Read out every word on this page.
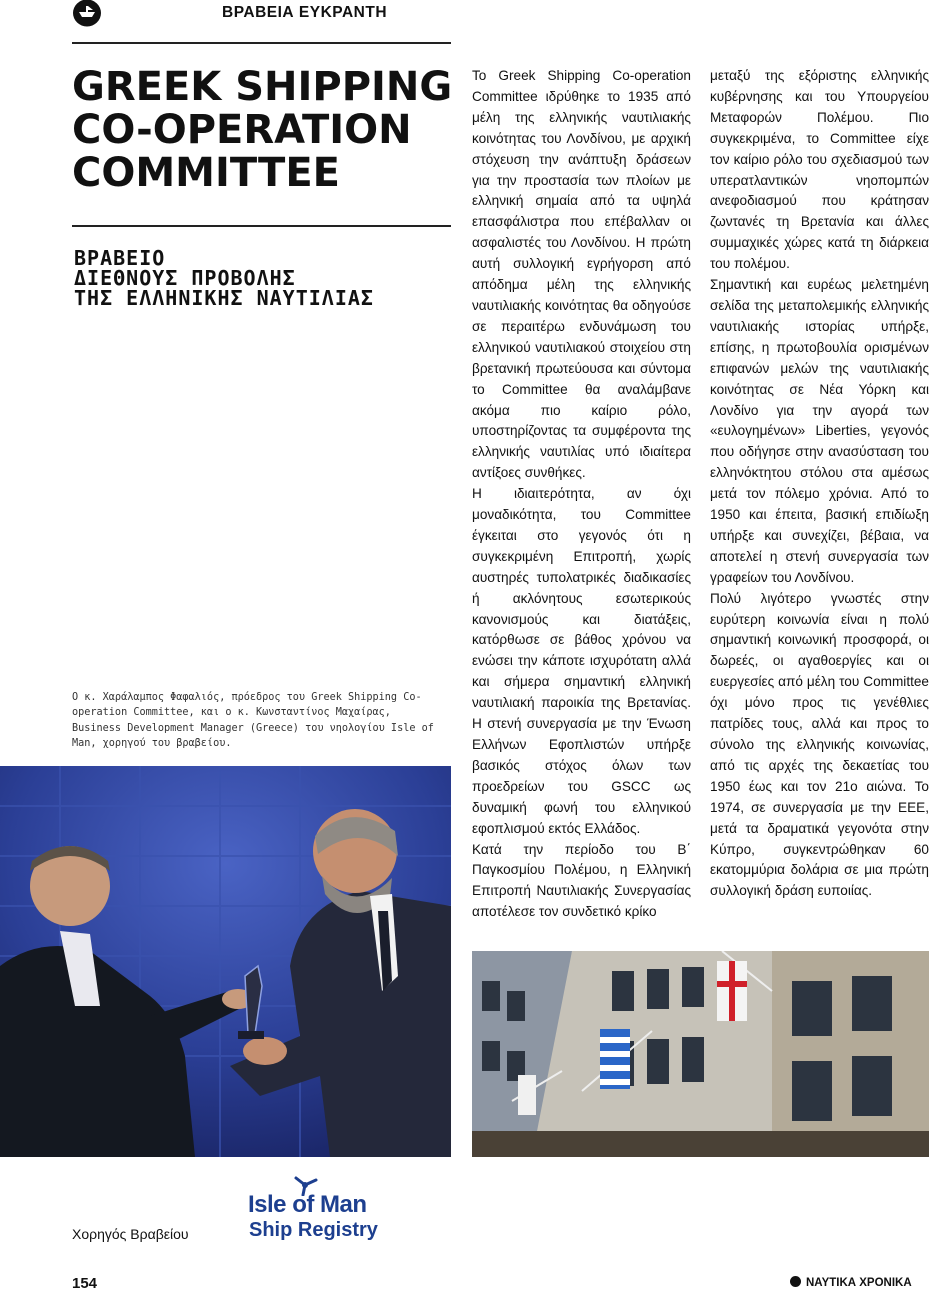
ΒΡΑΒΕΙΑ ΕΥΚΡΑΝΤΗ
GREEK SHIPPING
CO-OPERATION
COMMITTEE
ΒΡΑΒΕΙΟ
ΔΙΕΘΝΟΥΣ ΠΡΟΒΟΛΗΣ
ΤΗΣ ΕΛΛΗΝΙΚΗΣ ΝΑΥΤΙΛΙΑΣ

Ο κ. Χαράλαμπος Φαφαλιός, πρόεδρος του Greek Shipping Co-operation Committee, και ο κ. Κωνσταντίνος Μαχαίρας, Business Development Manager (Greece) του νηολογίου Isle of Man, χορηγού του βραβείου.

Το Greek Shipping Co-operation Committee ιδρύθηκε το 1935 από μέλη της ελληνικής ναυτιλιακής κοινότητας του Λονδίνου, με αρχική στόχευση την ανάπτυξη δράσεων για την προστασία των πλοίων με ελληνική σημαία από τα υψηλά επασφάλιστρα που επέβαλλαν οι ασφαλιστές του Λονδίνου. Η πρώτη αυτή συλλογική εγρήγορση από απόδημα μέλη της ελληνικής ναυτιλιακής κοινότητας θα οδηγούσε σε περαιτέρω ενδυνάμωση του ελληνικού ναυτιλιακού στοιχείου στη βρετανική πρωτεύουσα και σύντομα το Committee θα αναλάμβανε ακόμα πιο καίριο ρόλο, υποστηρίζοντας τα συμφέροντα της ελληνικής ναυτιλίας υπό ιδιαίτερα αντίξοες συνθήκες.

Η ιδιαιτερότητα, αν όχι μοναδικότητα, του Committee έγκειται στο γεγονός ότι η συγκεκριμένη Επιτροπή, χωρίς αυστηρές τυπολατρικές διαδικασίες ή ακλόνητους εσωτερικούς κανονισμούς και διατάξεις, κατόρθωσε σε βάθος χρόνου να ενώσει την κάποτε ισχυρότατη αλλά και σήμερα σημαντική ελληνική ναυτιλιακή παροικία της Βρετανίας. Η στενή συνεργασία με την Ένωση Ελλήνων Εφοπλιστών υπήρξε βασικός στόχος όλων των προεδρείων του GSCC ως δυναμική φωνή του ελληνικού εφοπλισμού εκτός Ελλάδος.

Κατά την περίοδο του Β΄ Παγκοσμίου Πολέμου, η Ελληνική Επιτροπή Ναυτιλιακής Συνεργασίας αποτέλεσε τον συνδετικό κρίκο

μεταξύ της εξόριστης ελληνικής κυβέρνησης και του Υπουργείου Μεταφορών Πολέμου. Πιο συγκεκριμένα, το Committee είχε τον καίριο ρόλο του σχεδιασμού των υπερατλαντικών νηοπομπών ανεφοδιασμού που κράτησαν ζωντανές τη Βρετανία και άλλες συμμαχικές χώρες κατά τη διάρκεια του πολέμου.

Σημαντική και ευρέως μελετημένη σελίδα της μεταπολεμικής ελληνικής ναυτιλιακής ιστορίας υπήρξε, επίσης, η πρωτοβουλία ορισμένων επιφανών μελών της ναυτιλιακής κοινότητας σε Νέα Υόρκη και Λονδίνο για την αγορά των «ευλογημένων» Liberties, γεγονός που οδήγησε στην ανασύσταση του ελληνόκτητου στόλου στα αμέσως μετά τον πόλεμο χρόνια. Από το 1950 και έπειτα, βασική επιδίωξη υπήρξε και συνεχίζει, βέβαια, να αποτελεί η στενή συνεργασία των γραφείων του Λονδίνου.

Πολύ λιγότερο γνωστές στην ευρύτερη κοινωνία είναι η πολύ σημαντική κοινωνική προσφορά, οι δωρεές, οι αγαθοεργίες και οι ευεργεσίες από μέλη του Committee όχι μόνο προς τις γενέθλιες πατρίδες τους, αλλά και προς το σύνολο της ελληνικής κοινωνίας, από τις αρχές της δεκαετίας του 1950 έως και τον 21ο αιώνα. Το 1974, σε συνεργασία με την ΕΕΕ, μετά τα δραματικά γεγονότα στην Κύπρο, συγκεντρώθηκαν 60 εκατομμύρια δολάρια σε μια πρώτη συλλογική δράση ευποιίας.

Χορηγός Βραβείου
Isle of Man
Ship Registry
154	ΝΑΥΤΙΚΑ ΧΡΟΝΙΚΑ
